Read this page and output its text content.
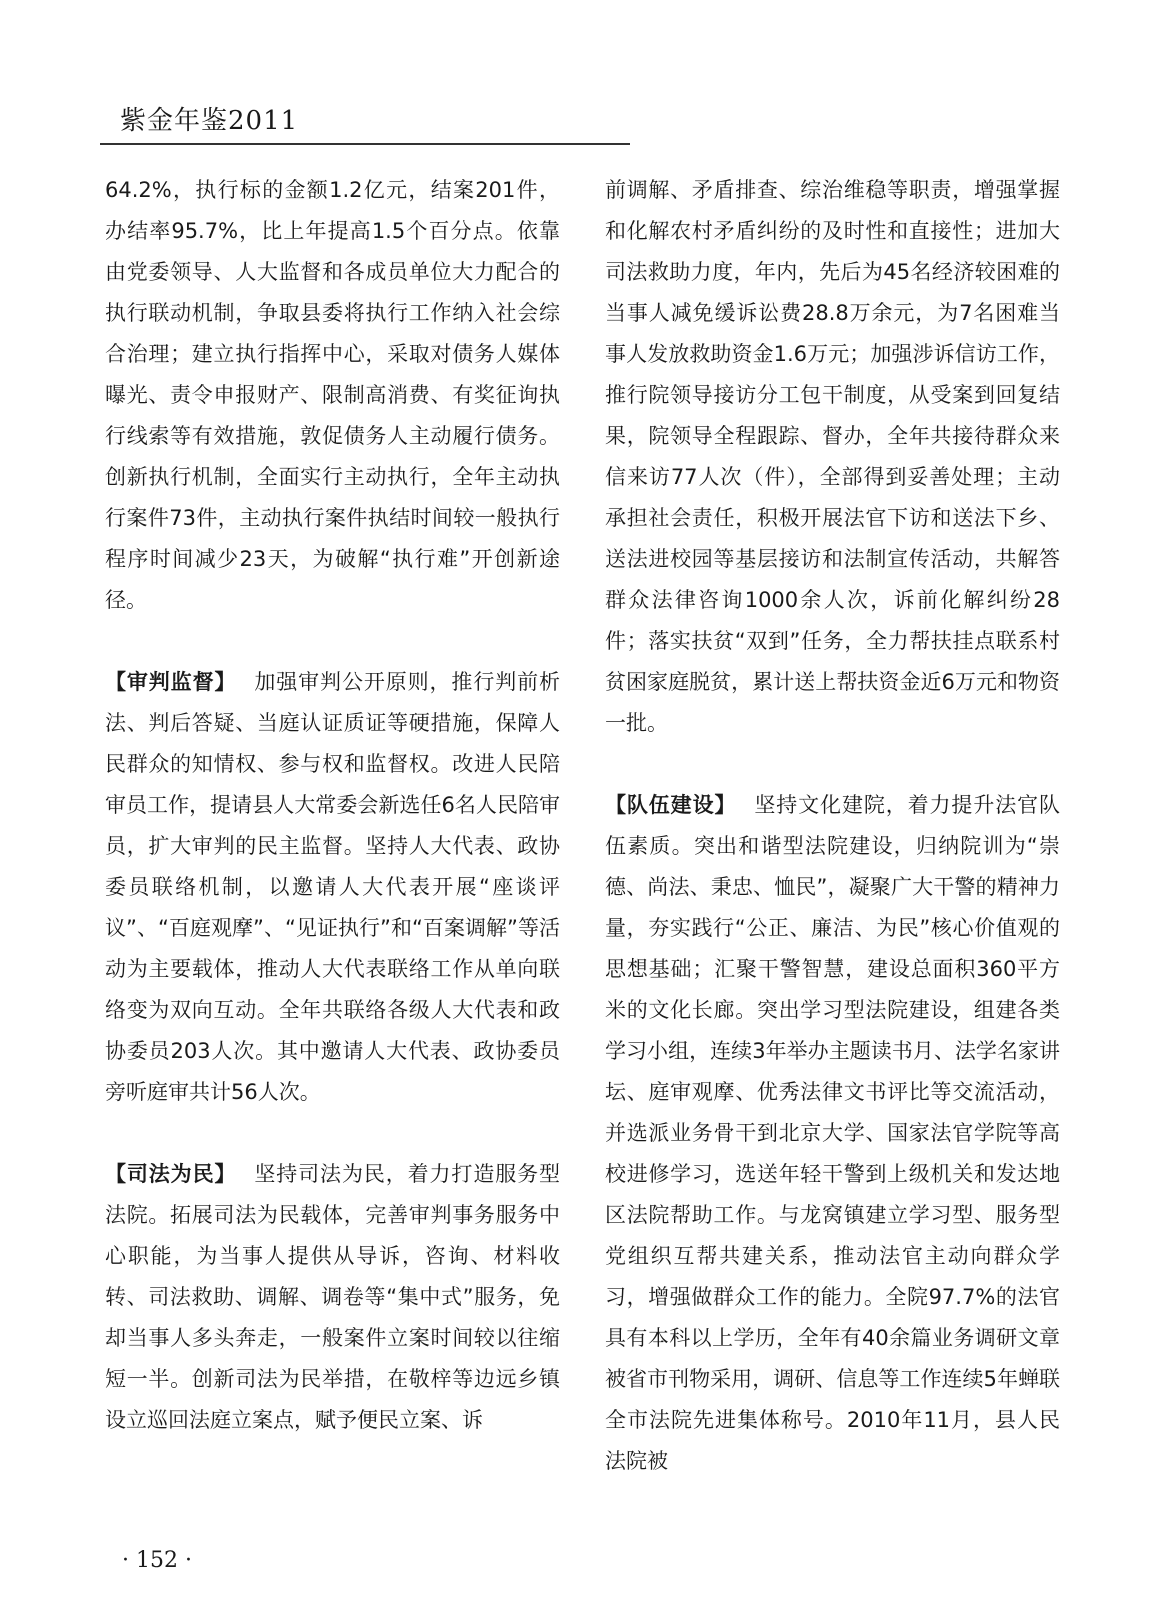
紫金年鉴2011

64.2%，执行标的金额1.2亿元，结案201件，办结率95.7%，比上年提高1.5个百分点。依靠由党委领导、人大监督和各成员单位大力配合的执行联动机制，争取县委将执行工作纳入社会综合治理；建立执行指挥中心，采取对债务人媒体曝光、责令申报财产、限制高消费、有奖征询执行线索等有效措施，敦促债务人主动履行债务。创新执行机制，全面实行主动执行，全年主动执行案件73件，主动执行案件执结时间较一般执行程序时间减少23天，为破解“执行难”开创新途径。

【审判监督】 加强审判公开原则，推行判前析法、判后答疑、当庭认证质证等硬措施，保障人民群众的知情权、参与权和监督权。改进人民陪审员工作，提请县人大常委会新选任6名人民陪审员，扩大审判的民主监督。坚持人大代表、政协委员联络机制，以邀请人大代表开展“座谈评议”、“百庭观摩”、“见证执行”和“百案调解”等活动为主要载体，推动人大代表联络工作从单向联络变为双向互动。全年共联络各级人大代表和政协委员203人次。其中邀请人大代表、政协委员旁听庭审共计56人次。

【司法为民】 坚持司法为民，着力打造服务型法院。拓展司法为民载体，完善审判事务服务中心职能，为当事人提供从导诉，咨询、材料收转、司法救助、调解、调卷等“集中式”服务，免却当事人多头奔走，一般案件立案时间较以往缩短一半。创新司法为民举措，在敬梓等边远乡镇设立巡回法庭立案点，赋予便民立案、诉

前调解、矛盾排查、综治维稳等职责，增强掌握和化解农村矛盾纠纷的及时性和直接性；进加大司法救助力度，年内，先后为45名经济较困难的当事人减免缓诉讼费28.8万余元，为7名困难当事人发放救助资金1.6万元；加强涉诉信访工作，推行院领导接访分工包干制度，从受案到回复结果，院领导全程跟踪、督办，全年共接待群众来信来访77人次（件），全部得到妥善处理；主动承担社会责任，积极开展法官下访和送法下乡、送法进校园等基层接访和法制宣传活动，共解答群众法律咨询1000余人次，诉前化解纠纷28件；落实扶贫“双到”任务，全力帮扶挂点联系村贫困家庭脱贫，累计送上帮扶资金近6万元和物资一批。

【队伍建设】 坚持文化建院，着力提升法官队伍素质。突出和谐型法院建设，归纳院训为“崇德、尚法、秉忠、恤民”，凝聚广大干警的精神力量，夯实践行“公正、廉洁、为民”核心价值观的思想基础；汇聚干警智慧，建设总面积360平方米的文化长廊。突出学习型法院建设，组建各类学习小组，连续3年举办主题读书月、法学名家讲坛、庭审观摩、优秀法律文书评比等交流活动，并选派业务骨干到北京大学、国家法官学院等高校进修学习，选送年轻干警到上级机关和发达地区法院帮助工作。与龙窝镇建立学习型、服务型党组织互帮共建关系，推动法官主动向群众学习，增强做群众工作的能力。全院97.7%的法官具有本科以上学历，全年有40余篇业务调研文章被省市刊物采用，调研、信息等工作连续5年蝉联全市法院先进集体称号。2010年11月，县人民法院被

· 152 ·
